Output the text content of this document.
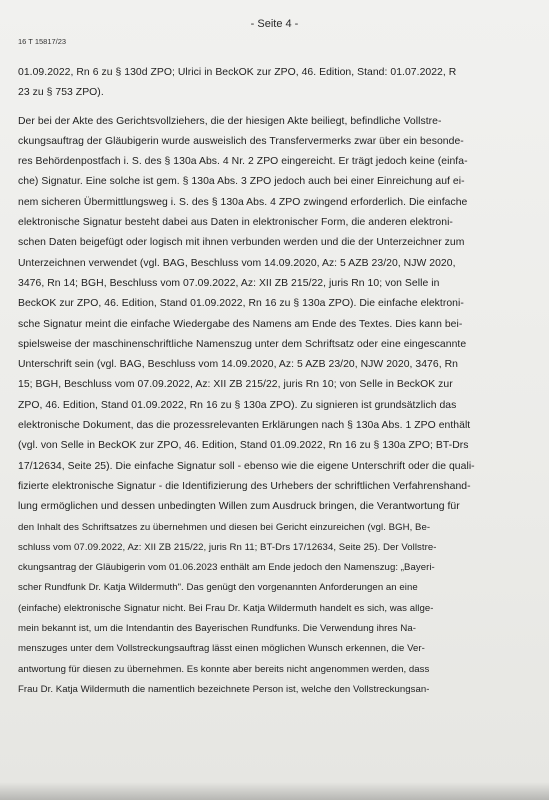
- Seite 4 -
16 T 15817/23
01.09.2022, Rn 6 zu § 130d ZPO; Ulrici in BeckOK zur ZPO, 46. Edition, Stand: 01.07.2022, R
23 zu § 753 ZPO).
Der bei der Akte des Gerichtsvollziehers, die der hiesigen Akte beiliegt, befindliche Vollstre-
ckungsauftrag der Gläubigerin wurde ausweislich des Transfervermerks zwar über ein besonde-
res Behördenpostfach i. S. des § 130a Abs. 4 Nr. 2 ZPO eingereicht. Er trägt jedoch keine (einfa-
che) Signatur. Eine solche ist gem. § 130a Abs. 3 ZPO jedoch auch bei einer Einreichung auf ei-
nem sicheren Übermittlungsweg i. S. des § 130a Abs. 4 ZPO zwingend erforderlich. Die einfache
elektronische Signatur besteht dabei aus Daten in elektronischer Form, die anderen elektroni-
schen Daten beigefügt oder logisch mit ihnen verbunden werden und die der Unterzeichner zum
Unterzeichnen verwendet (vgl. BAG, Beschluss vom 14.09.2020, Az: 5 AZB 23/20, NJW 2020,
3476, Rn 14; BGH, Beschluss vom 07.09.2022, Az: XII ZB 215/22, juris Rn 10; von Selle in
BeckOK zur ZPO, 46. Edition, Stand 01.09.2022, Rn 16 zu § 130a ZPO). Die einfache elektroni-
sche Signatur meint die einfache Wiedergabe des Namens am Ende des Textes. Dies kann bei-
spielsweise der maschinenschriftliche Namenszug unter dem Schriftsatz oder eine eingescannte
Unterschrift sein (vgl. BAG, Beschluss vom 14.09.2020, Az: 5 AZB 23/20, NJW 2020, 3476, Rn
15; BGH, Beschluss vom 07.09.2022, Az: XII ZB 215/22, juris Rn 10; von Selle in BeckOK zur
ZPO, 46. Edition, Stand 01.09.2022, Rn 16 zu § 130a ZPO). Zu signieren ist grundsätzlich das
elektronische Dokument, das die prozessrelevanten Erklärungen nach § 130a Abs. 1 ZPO enthält
(vgl. von Selle in BeckOK zur ZPO, 46. Edition, Stand 01.09.2022, Rn 16 zu § 130a ZPO; BT-Drs
17/12634, Seite 25). Die einfache Signatur soll - ebenso wie die eigene Unterschrift oder die quali-
fizierte elektronische Signatur - die Identifizierung des Urhebers der schriftlichen Verfahrenshand-
lung ermöglichen und dessen unbedingten Willen zum Ausdruck bringen, die Verantwortung für
den Inhalt des Schriftsatzes zu übernehmen und diesen bei Gericht einzureichen (vgl. BGH, Be-
schluss vom 07.09.2022, Az: XII ZB 215/22, juris Rn 11; BT-Drs 17/12634, Seite 25). Der Vollstre-
ckungsantrag der Gläubigerin vom 01.06.2023 enthält am Ende jedoch den Namenszug: „Bayeri-
scher Rundfunk Dr. Katja Wildermuth". Das genügt den vorgenannten Anforderungen an eine
(einfache) elektronische Signatur nicht. Bei Frau Dr. Katja Wildermuth handelt es sich, was allge-
mein bekannt ist, um die Intendantin des Bayerischen Rundfunks. Die Verwendung ihres Na-
menszuges unter dem Vollstreckungsauftrag lässt einen möglichen Wunsch erkennen, die Ver-
antwortung für diesen zu übernehmen. Es konnte aber bereits nicht angenommen werden, dass
Frau Dr. Katja Wildermuth die namentlich bezeichnete Person ist, welche den Vollstreckungsan-
